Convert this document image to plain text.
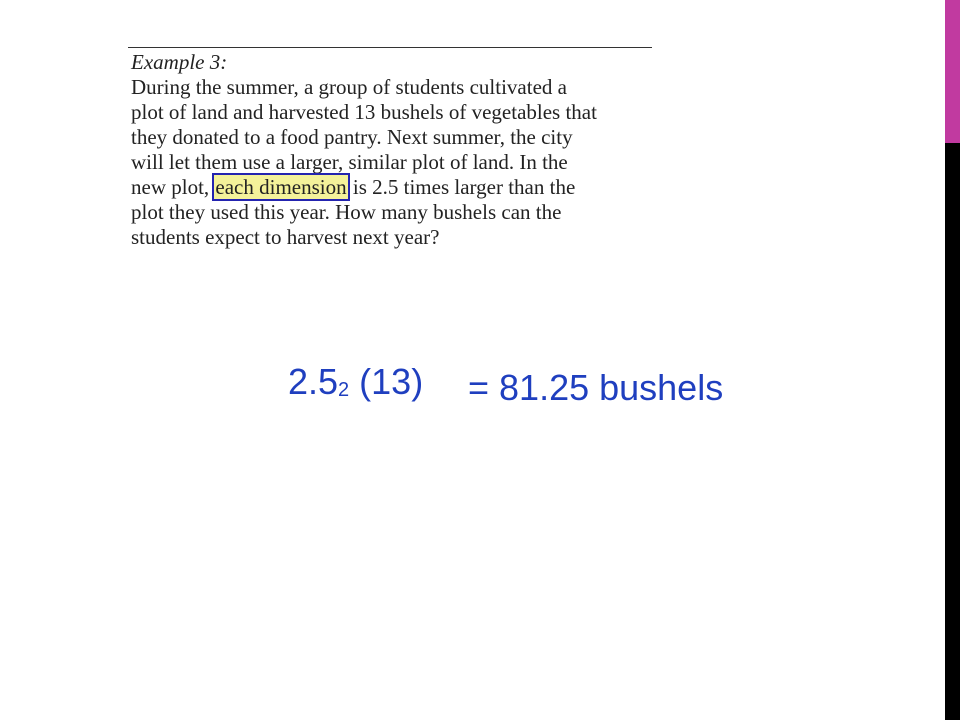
Example 3:

During the summer, a group of students cultivated a

plot of land and harvested 13 bushels of vegetables that

they donated to a food pantry. Next summer, the city

will let them use a larger, similar plot of land. In the

new plot, each dimension is 2.5 times larger than the

plot they used this year. How many bushels can the

students expect to harvest next year?

$2.5_2$ (13) = 81.25 bushels
